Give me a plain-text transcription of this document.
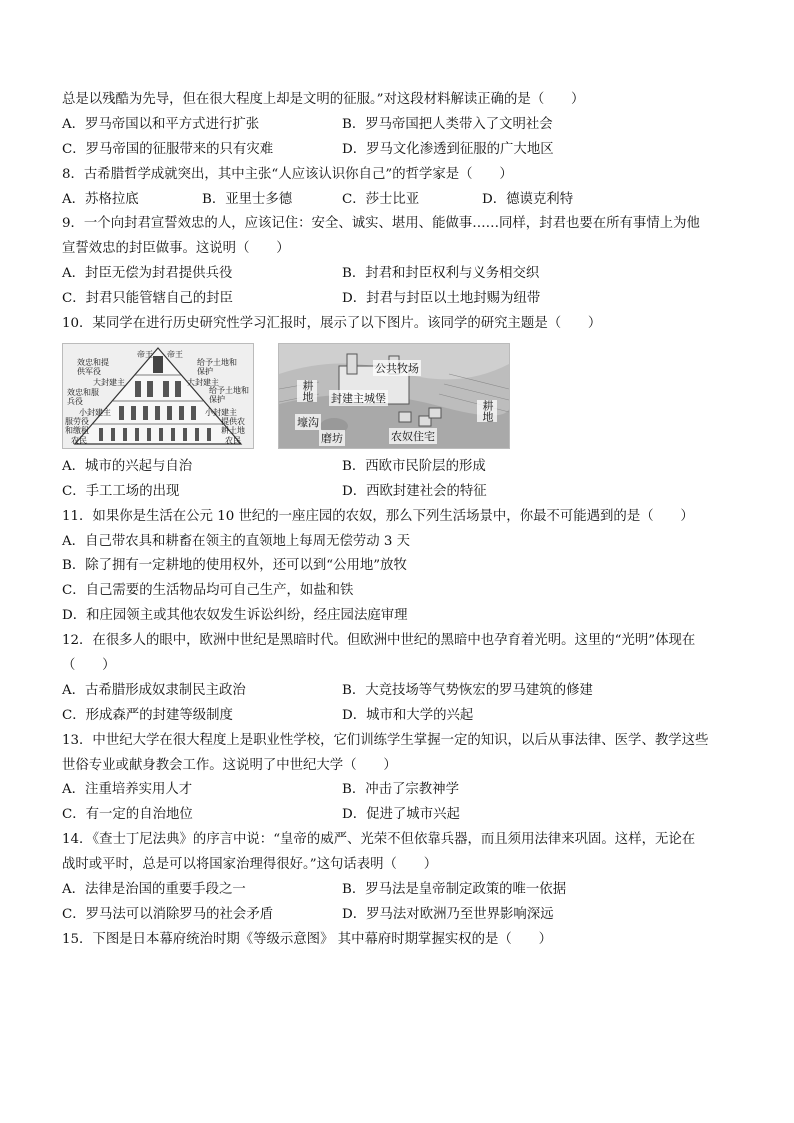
总是以残酷为先导，但在很大程度上却是文明的征服。”对这段材料解读正确的是（　　）
A．罗马帝国以和平方式进行扩张	B．罗马帝国把人类带入了文明社会
C．罗马帝国的征服带来的只有灾难	D．罗马文化渗透到征服的广大地区
8．古希腊哲学成就突出，其中主张“人应该认识你自己”的哲学家是（　　）
A．苏格拉底	B．亚里士多德	C．莎士比亚	D．德谟克利特
9．一个向封君宣誓效忠的人，应该记住：安全、诚实、堪用、能做事……同样，封君也要在所有事情上为他
宣誓效忠的封臣做事。这说明（　　）
A．封臣无偿为封君提供兵役	B．封君和封臣权利与义务相交织
C．封君只能管辖自己的封臣	D．封君与封臣以土地封赐为纽带
10．某同学在进行历史研究性学习汇报时，展示了以下图片。该同学的研究主题是（　　）
帝王 帝王
效忠和提供军役
给予土地和保护
大封建主	大封建主
效忠和服兵役
给予土地和保护
小封建主	小封建主
服劳役和缴租
提供农耕土地
农民	农民
公共牧场
耕地 封建主城堡
壕沟
耕地
磨坊	农奴住宅
A．城市的兴起与自治	B．西欧市民阶层的形成
C．手工工场的出现	D．西欧封建社会的特征
11．如果你是生活在公元 10 世纪的一座庄园的农奴，那么下列生活场景中，你最不可能遇到的是（　　）
A．自己带农具和耕畜在领主的直领地上每周无偿劳动 3 天
B．除了拥有一定耕地的使用权外，还可以到“公用地”放牧
C．自己需要的生活物品均可自己生产，如盐和铁
D．和庄园领主或其他农奴发生诉讼纠纷，经庄园法庭审理
12．在很多人的眼中，欧洲中世纪是黑暗时代。但欧洲中世纪的黑暗中也孕育着光明。这里的“光明”体现在
（　　）
A．古希腊形成奴隶制民主政治	B．大竞技场等气势恢宏的罗马建筑的修建
C．形成森严的封建等级制度	D．城市和大学的兴起
13．中世纪大学在很大程度上是职业性学校，它们训练学生掌握一定的知识，以后从事法律、医学、教学这些
世俗专业或献身教会工作。这说明了中世纪大学（　　）
A．注重培养实用人才	B．冲击了宗教神学
C．有一定的自治地位	D．促进了城市兴起
14．《查士丁尼法典》的序言中说：“皇帝的威严、光荣不但依靠兵器，而且须用法律来巩固。这样，无论在
战时或平时，总是可以将国家治理得很好。”这句话表明（　　）
A．法律是治国的重要手段之一	B．罗马法是皇帝制定政策的唯一依据
C．罗马法可以消除罗马的社会矛盾	D．罗马法对欧洲乃至世界影响深远
15．下图是日本幕府统治时期《等级示意图》 其中幕府时期掌握实权的是（　　）
